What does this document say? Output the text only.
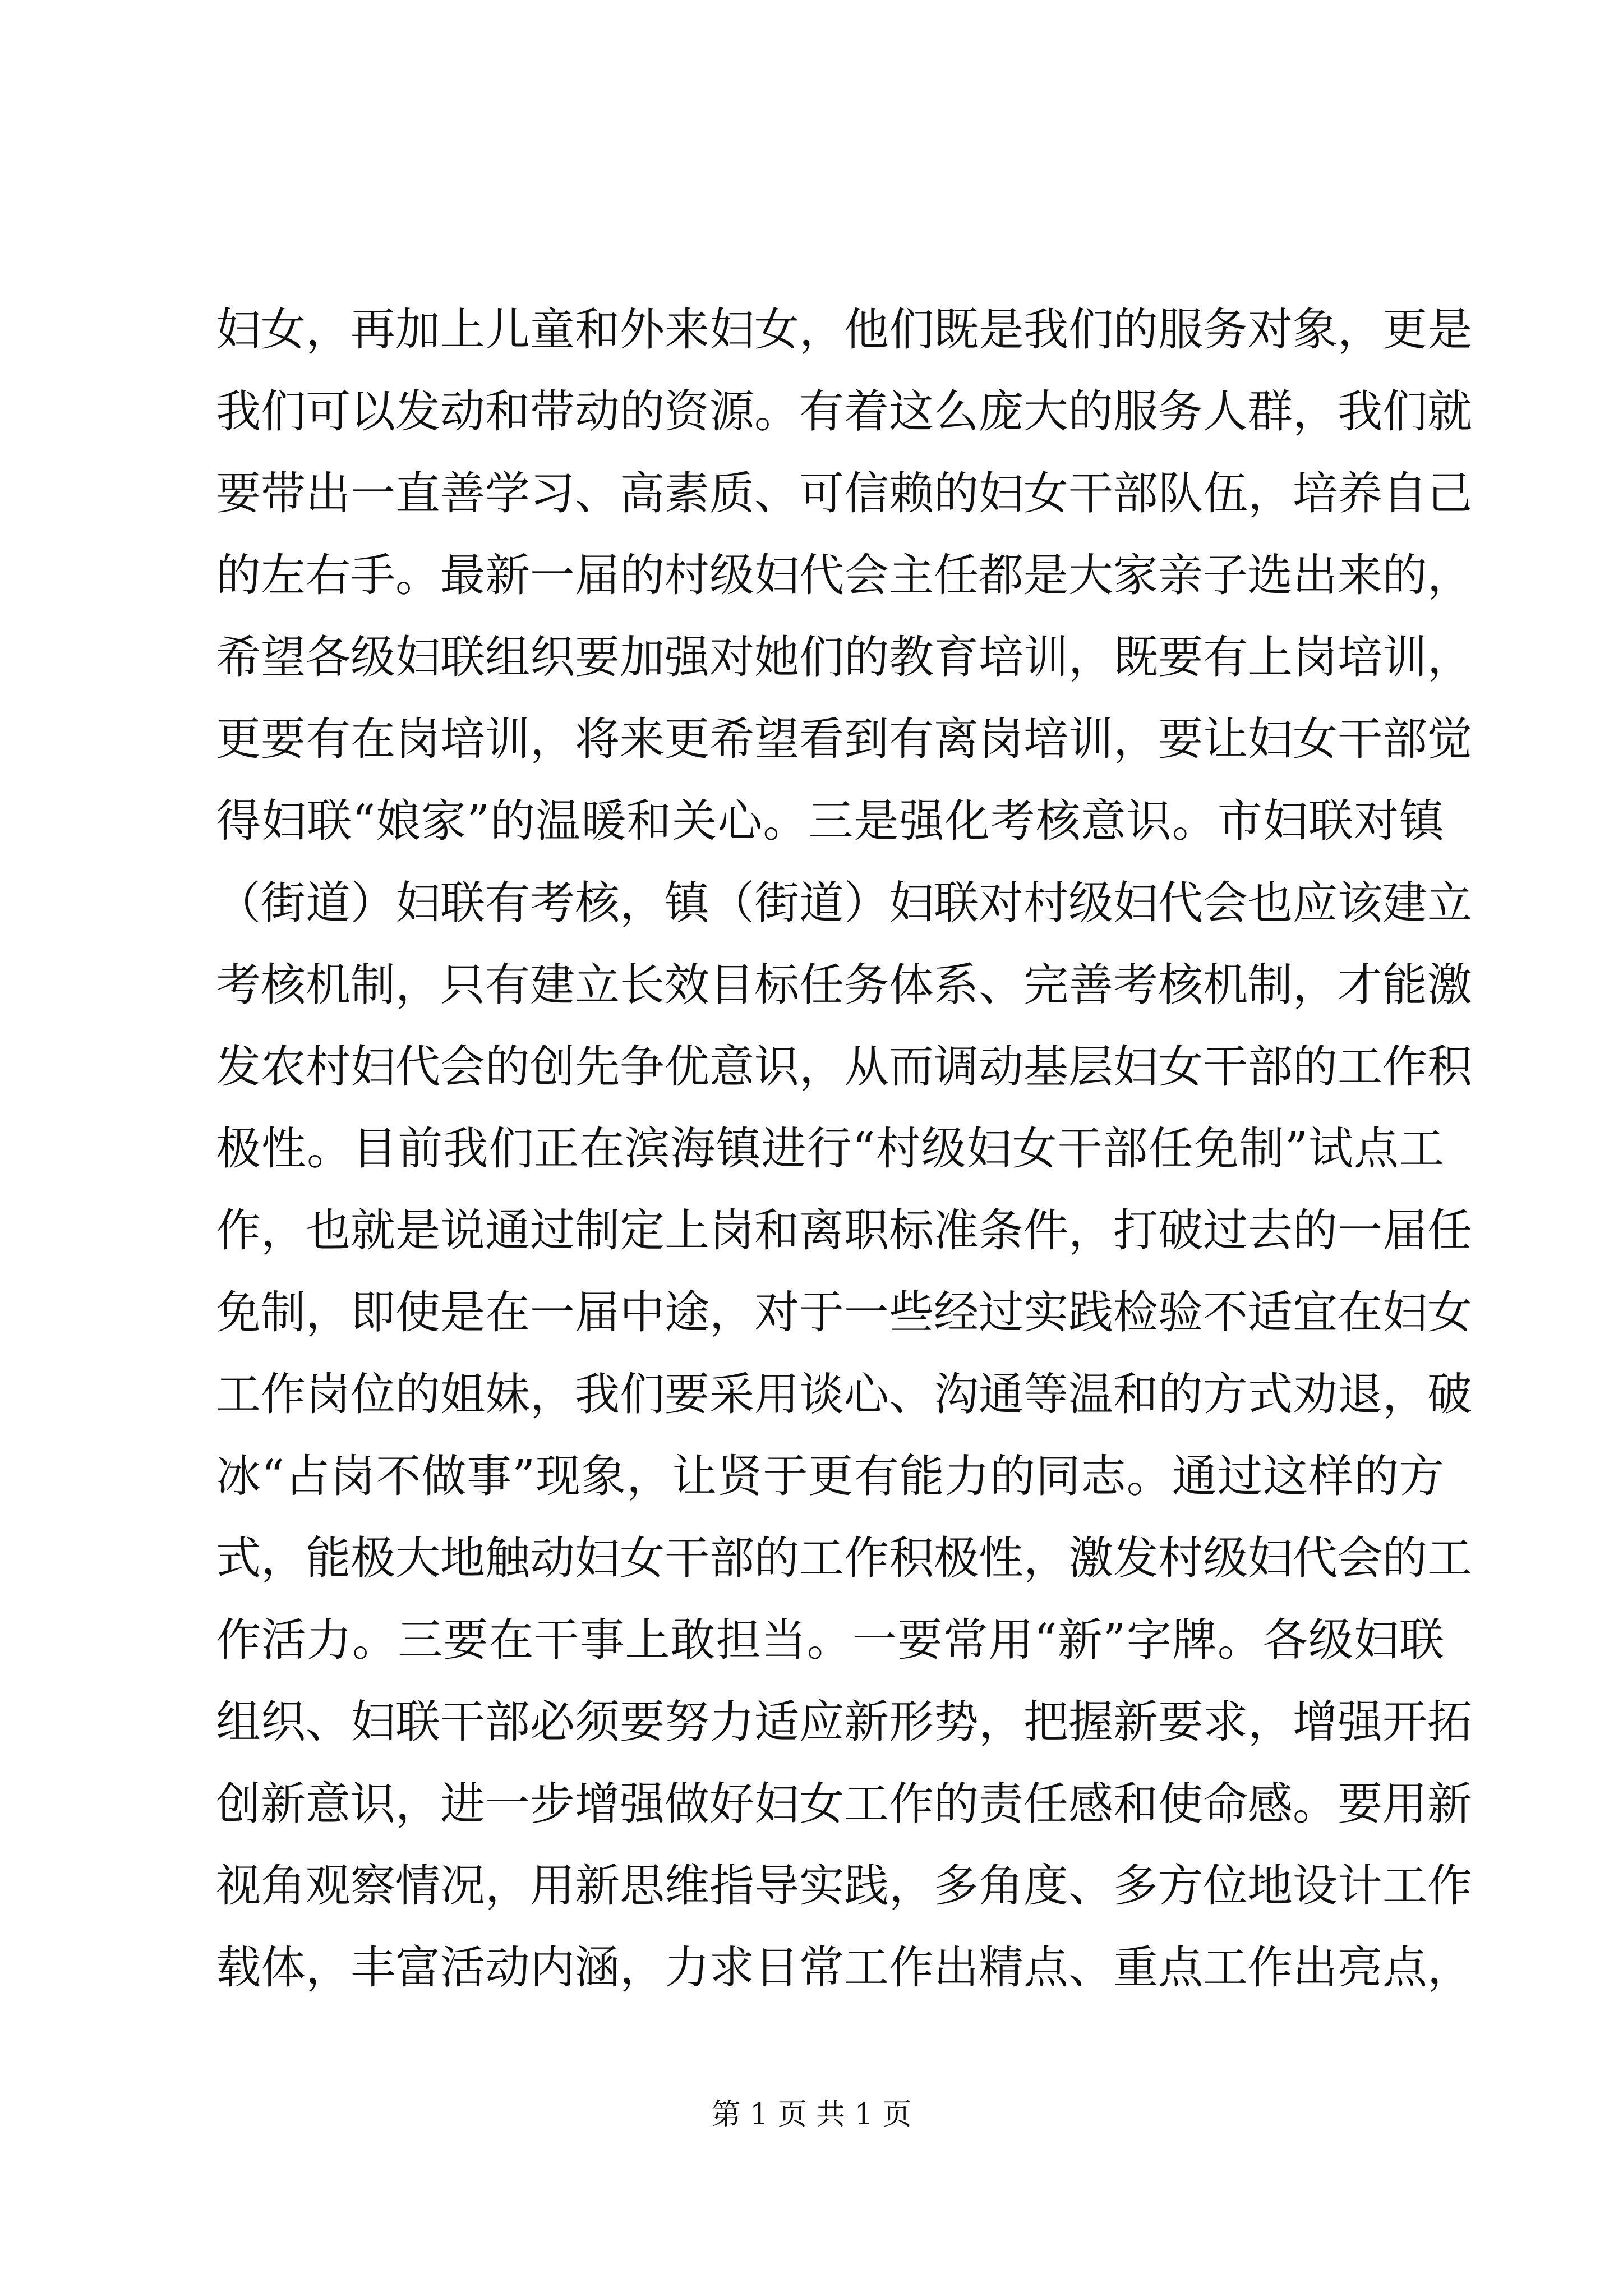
妇女，再加上儿童和外来妇女，他们既是我们的服务对象，更是
我们可以发动和带动的资源。有着这么庞大的服务人群，我们就
要带出一直善学习、高素质、可信赖的妇女干部队伍，培养自己
的左右手。最新一届的村级妇代会主任都是大家亲子选出来的，
希望各级妇联组织要加强对她们的教育培训，既要有上岗培训，
更要有在岗培训，将来更希望看到有离岗培训，要让妇女干部觉
得妇联“娘家”的温暖和关心。三是强化考核意识。市妇联对镇
（街道）妇联有考核，镇（街道）妇联对村级妇代会也应该建立
考核机制，只有建立长效目标任务体系、完善考核机制，才能激
发农村妇代会的创先争优意识，从而调动基层妇女干部的工作积
极性。目前我们正在滨海镇进行“村级妇女干部任免制”试点工
作，也就是说通过制定上岗和离职标准条件，打破过去的一届任
免制，即使是在一届中途，对于一些经过实践检验不适宜在妇女
工作岗位的姐妹，我们要采用谈心、沟通等温和的方式劝退，破
冰“占岗不做事”现象，让贤于更有能力的同志。通过这样的方
式，能极大地触动妇女干部的工作积极性，激发村级妇代会的工
作活力。三要在干事上敢担当。一要常用“新”字牌。各级妇联
组织、妇联干部必须要努力适应新形势，把握新要求，增强开拓
创新意识，进一步增强做好妇女工作的责任感和使命感。要用新
视角观察情况，用新思维指导实践，多角度、多方位地设计工作
载体，丰富活动内涵，力求日常工作出精点、重点工作出亮点，
第 1 页 共 1 页
